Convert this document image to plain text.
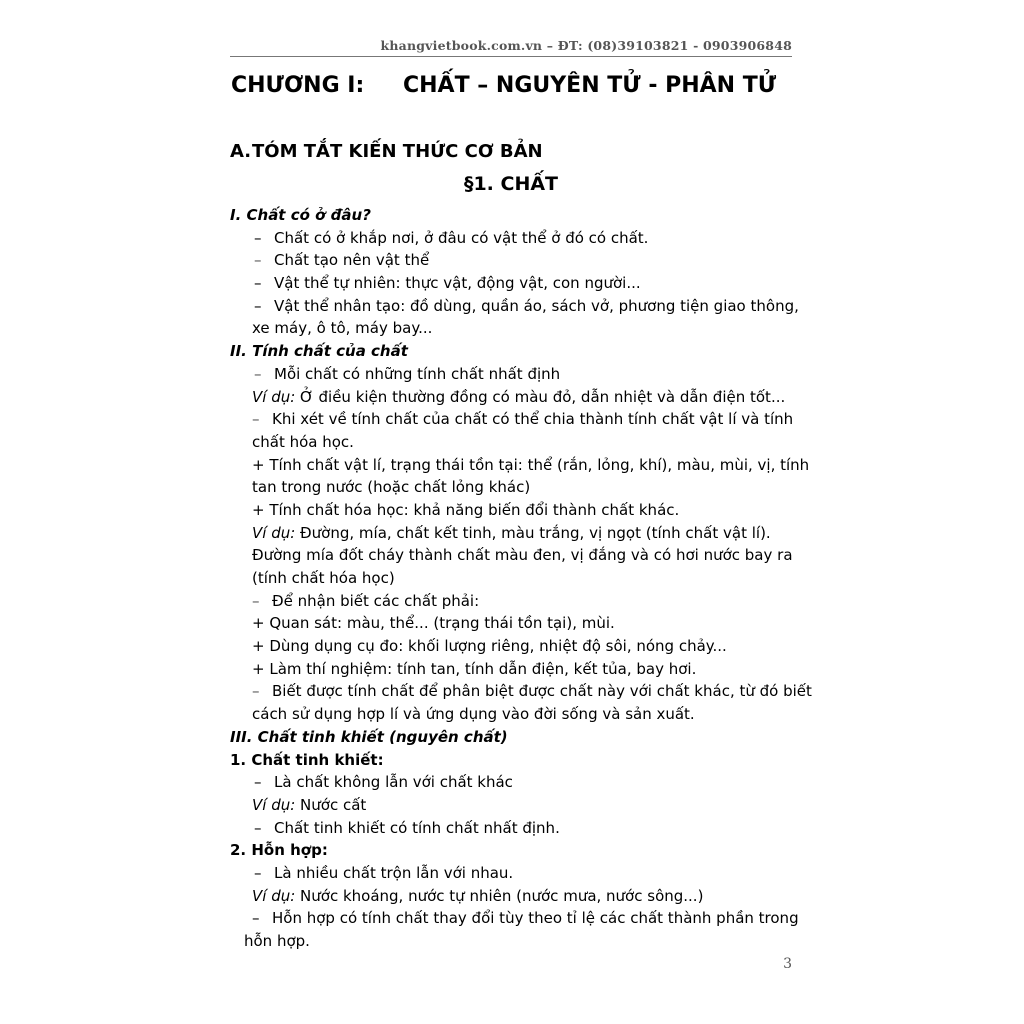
khangvietbook.com.vn – ĐT: (08)39103821 - 0903906848
CHƯƠNG I: CHẤT – NGUYÊN TỬ - PHÂN TỬ
A.TÓM TẮT KIẾN THỨC CƠ BẢN
§1. CHẤT
I. Chất có ở đâu?
– Chất có ở khắp nơi, ở đâu có vật thể ở đó có chất.
– Chất tạo nên vật thể
– Vật thể tự nhiên: thực vật, động vật, con người...
– Vật thể nhân tạo: đồ dùng, quần áo, sách vở, phương tiện giao thông,
xe máy, ô tô, máy bay...
II. Tính chất của chất
– Mỗi chất có những tính chất nhất định
Ví dụ: Ở điều kiện thường đồng có màu đỏ, dẫn nhiệt và dẫn điện tốt...
– Khi xét về tính chất của chất có thể chia thành tính chất vật lí và tính
chất hóa học.
+ Tính chất vật lí, trạng thái tồn tại: thể (rắn, lỏng, khí), màu, mùi, vị, tính
tan trong nước (hoặc chất lỏng khác)
+ Tính chất hóa học: khả năng biến đổi thành chất khác.
Ví dụ: Đường, mía, chất kết tinh, màu trắng, vị ngọt (tính chất vật lí).
Đường mía đốt cháy thành chất màu đen, vị đắng và có hơi nước bay ra
(tính chất hóa học)
– Để nhận biết các chất phải:
+ Quan sát: màu, thể... (trạng thái tồn tại), mùi.
+ Dùng dụng cụ đo: khối lượng riêng, nhiệt độ sôi, nóng chảy...
+ Làm thí nghiệm: tính tan, tính dẫn điện, kết tủa, bay hơi.
– Biết được tính chất để phân biệt được chất này với chất khác, từ đó biết
cách sử dụng hợp lí và ứng dụng vào đời sống và sản xuất.
III. Chất tinh khiết (nguyên chất)
1. Chất tinh khiết:
– Là chất không lẫn với chất khác
Ví dụ: Nước cất
– Chất tinh khiết có tính chất nhất định.
2. Hỗn hợp:
– Là nhiều chất trộn lẫn với nhau.
Ví dụ: Nước khoáng, nước tự nhiên (nước mưa, nước sông...)
– Hỗn hợp có tính chất thay đổi tùy theo tỉ lệ các chất thành phần trong
hỗn hợp.
3
